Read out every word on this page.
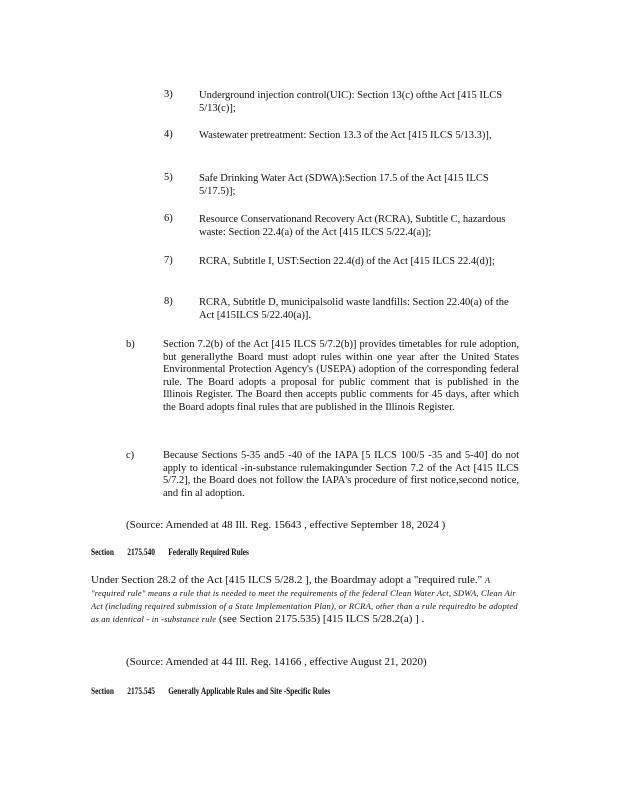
3)	Underground injection control(UIC): Section 13(c) ofthe Act [415 ILCS 5/13(c)];
4)	Wastewater pretreatment: Section 13.3 of the Act [415 ILCS 5/13.3)],
5)	Safe Drinking Water Act (SDWA):Section 17.5 of the Act [415 ILCS 5/17.5)];
6)	Resource Conservationand Recovery Act (RCRA), Subtitle C, hazardous waste: Section 22.4(a) of the Act [415 ILCS 5/22.4(a)];
7)	RCRA, Subtitle I, UST:Section 22.4(d) of the Act [415 ILCS 22.4(d)];
8)	RCRA, Subtitle D, municipalsolid waste landfills: Section 22.40(a) of the Act [415ILCS 5/22.40(a)].
b)	Section 7.2(b) of the Act [415 ILCS 5/7.2(b)] provides timetables for rule adoption, but generallythe Board must adopt rules within one year after the United States Environmental Protection Agency's (USEPA) adoption of the corresponding federal rule. The Board adopts a proposal for public comment that is published in the Illinois Register. The Board then accepts public comments for 45 days, after which the Board adopts final rules that are published in the Illinois Register.
c)	Because Sections 5-35 and5 -40 of the IAPA [5 ILCS 100/5 -35 and 5-40] do not apply to identical -in-substance rulemakingunder Section 7.2 of the Act [415 ILCS 5/7.2], the Board does not follow the IAPA's procedure of first notice,second notice, and fin al adoption.
(Source: Amended at 48 Ill. Reg. 15643 , effective September 18, 2024 )
Section 2175.540 Federally Required Rules
Under Section 28.2 of the Act [415 ILCS 5/28.2 ], the Boardmay adopt a "required rule." A "required rule" means a rule that is needed to meet the requirements of the federal Clean Water Act, SDWA, Clean Air Act (including required submission of a State Implementation Plan), or RCRA, other than a rule requiredto be adopted as an identical - in -substance rule (see Section 2175.535) [415 ILCS 5/28.2(a) ] .
(Source: Amended at 44 Ill. Reg. 14166 , effective August 21, 2020)
Section 2175.545 Generally Applicable Rules and Site -Specific Rules
